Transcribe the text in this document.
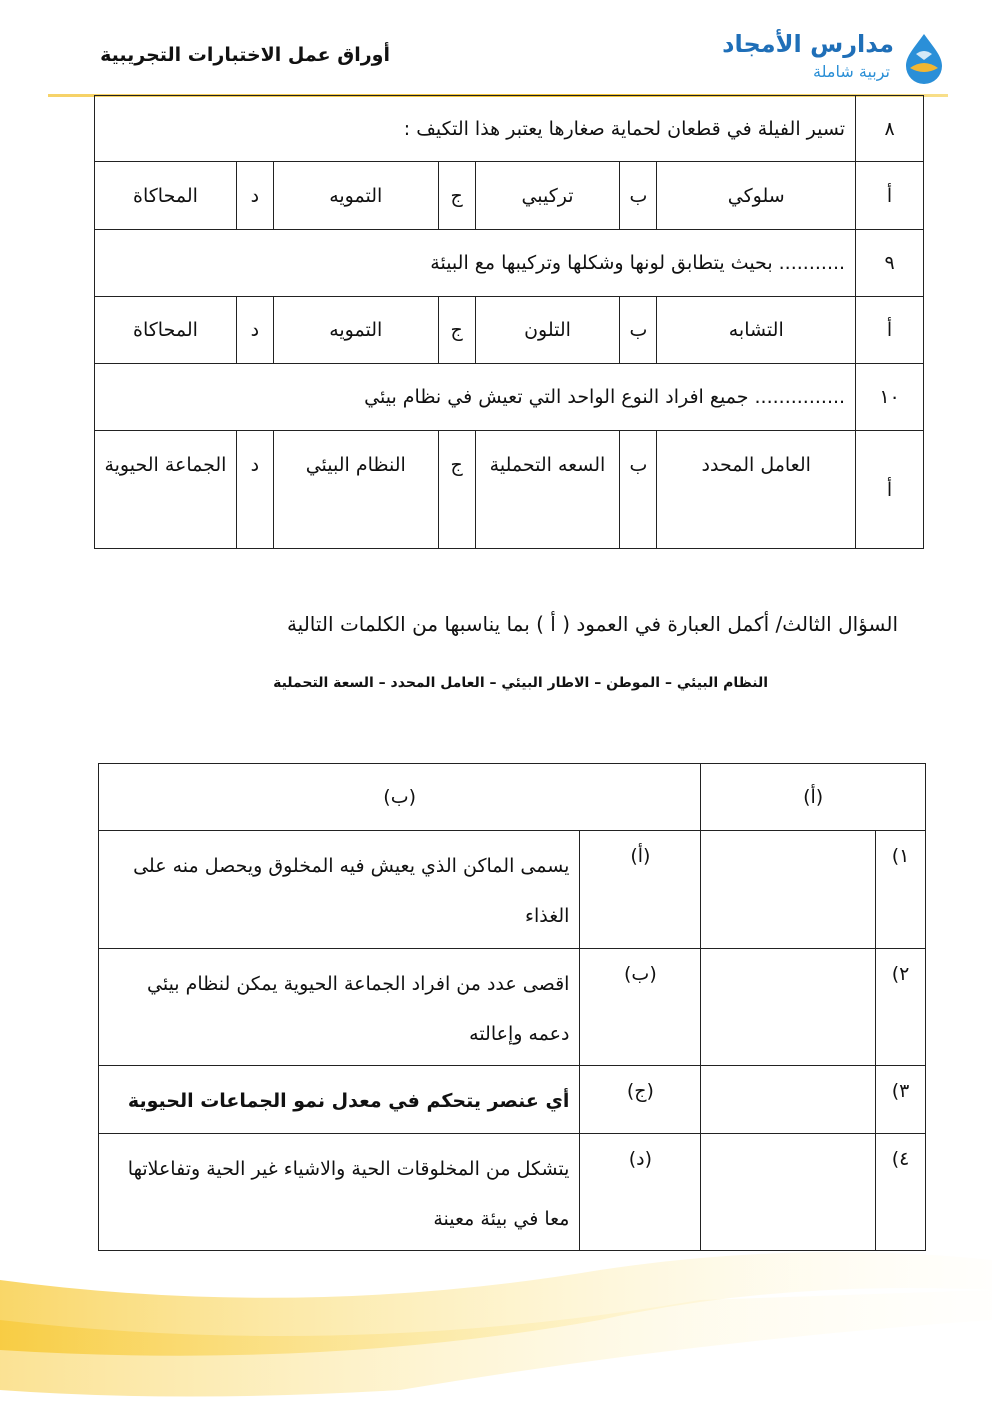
أوراق عمل الاختبارات التجريبية	مدارس الأمجاد
تربية شاملة
٨	تسير الفيلة في قطعان لحماية صغارها يعتبر هذا التكيف :						
أ	سلوكي	ب	تركيبي	ج	التمويه	د	المحاكاة
٩	........... بحيث يتطابق لونها وشكلها وتركيبها مع البيئة						
أ	التشابه	ب	التلون	ج	التمويه	د	المحاكاة
١٠	............... جميع افراد النوع الواحد التي تعيش في نظام بيئي						
أ	العامل المحدد	ب	السعه التحملية	ج	النظام البيئي	د	الجماعة الحيوية
السؤال الثالث/ أكمل العبارة في العمود ( أ ) بما يناسبها من الكلمات التالية
النظام البيئي – الموطن – الاطار البيئي – العامل المحدد – السعة التحملية
(أ)		(ب)	
١)		(أ)	يسمى الماكن الذي يعيش فيه المخلوق ويحصل منه على الغذاء
٢)		(ب)	اقصى عدد من افراد الجماعة الحيوية يمكن لنظام بيئي دعمه وإعالته
٣)		(ج)	أي عنصر يتحكم في معدل نمو الجماعات الحيوية
٤)		(د)	يتشكل من المخلوقات الحية والاشياء غير الحية وتفاعلاتها معا في بيئة معينة
